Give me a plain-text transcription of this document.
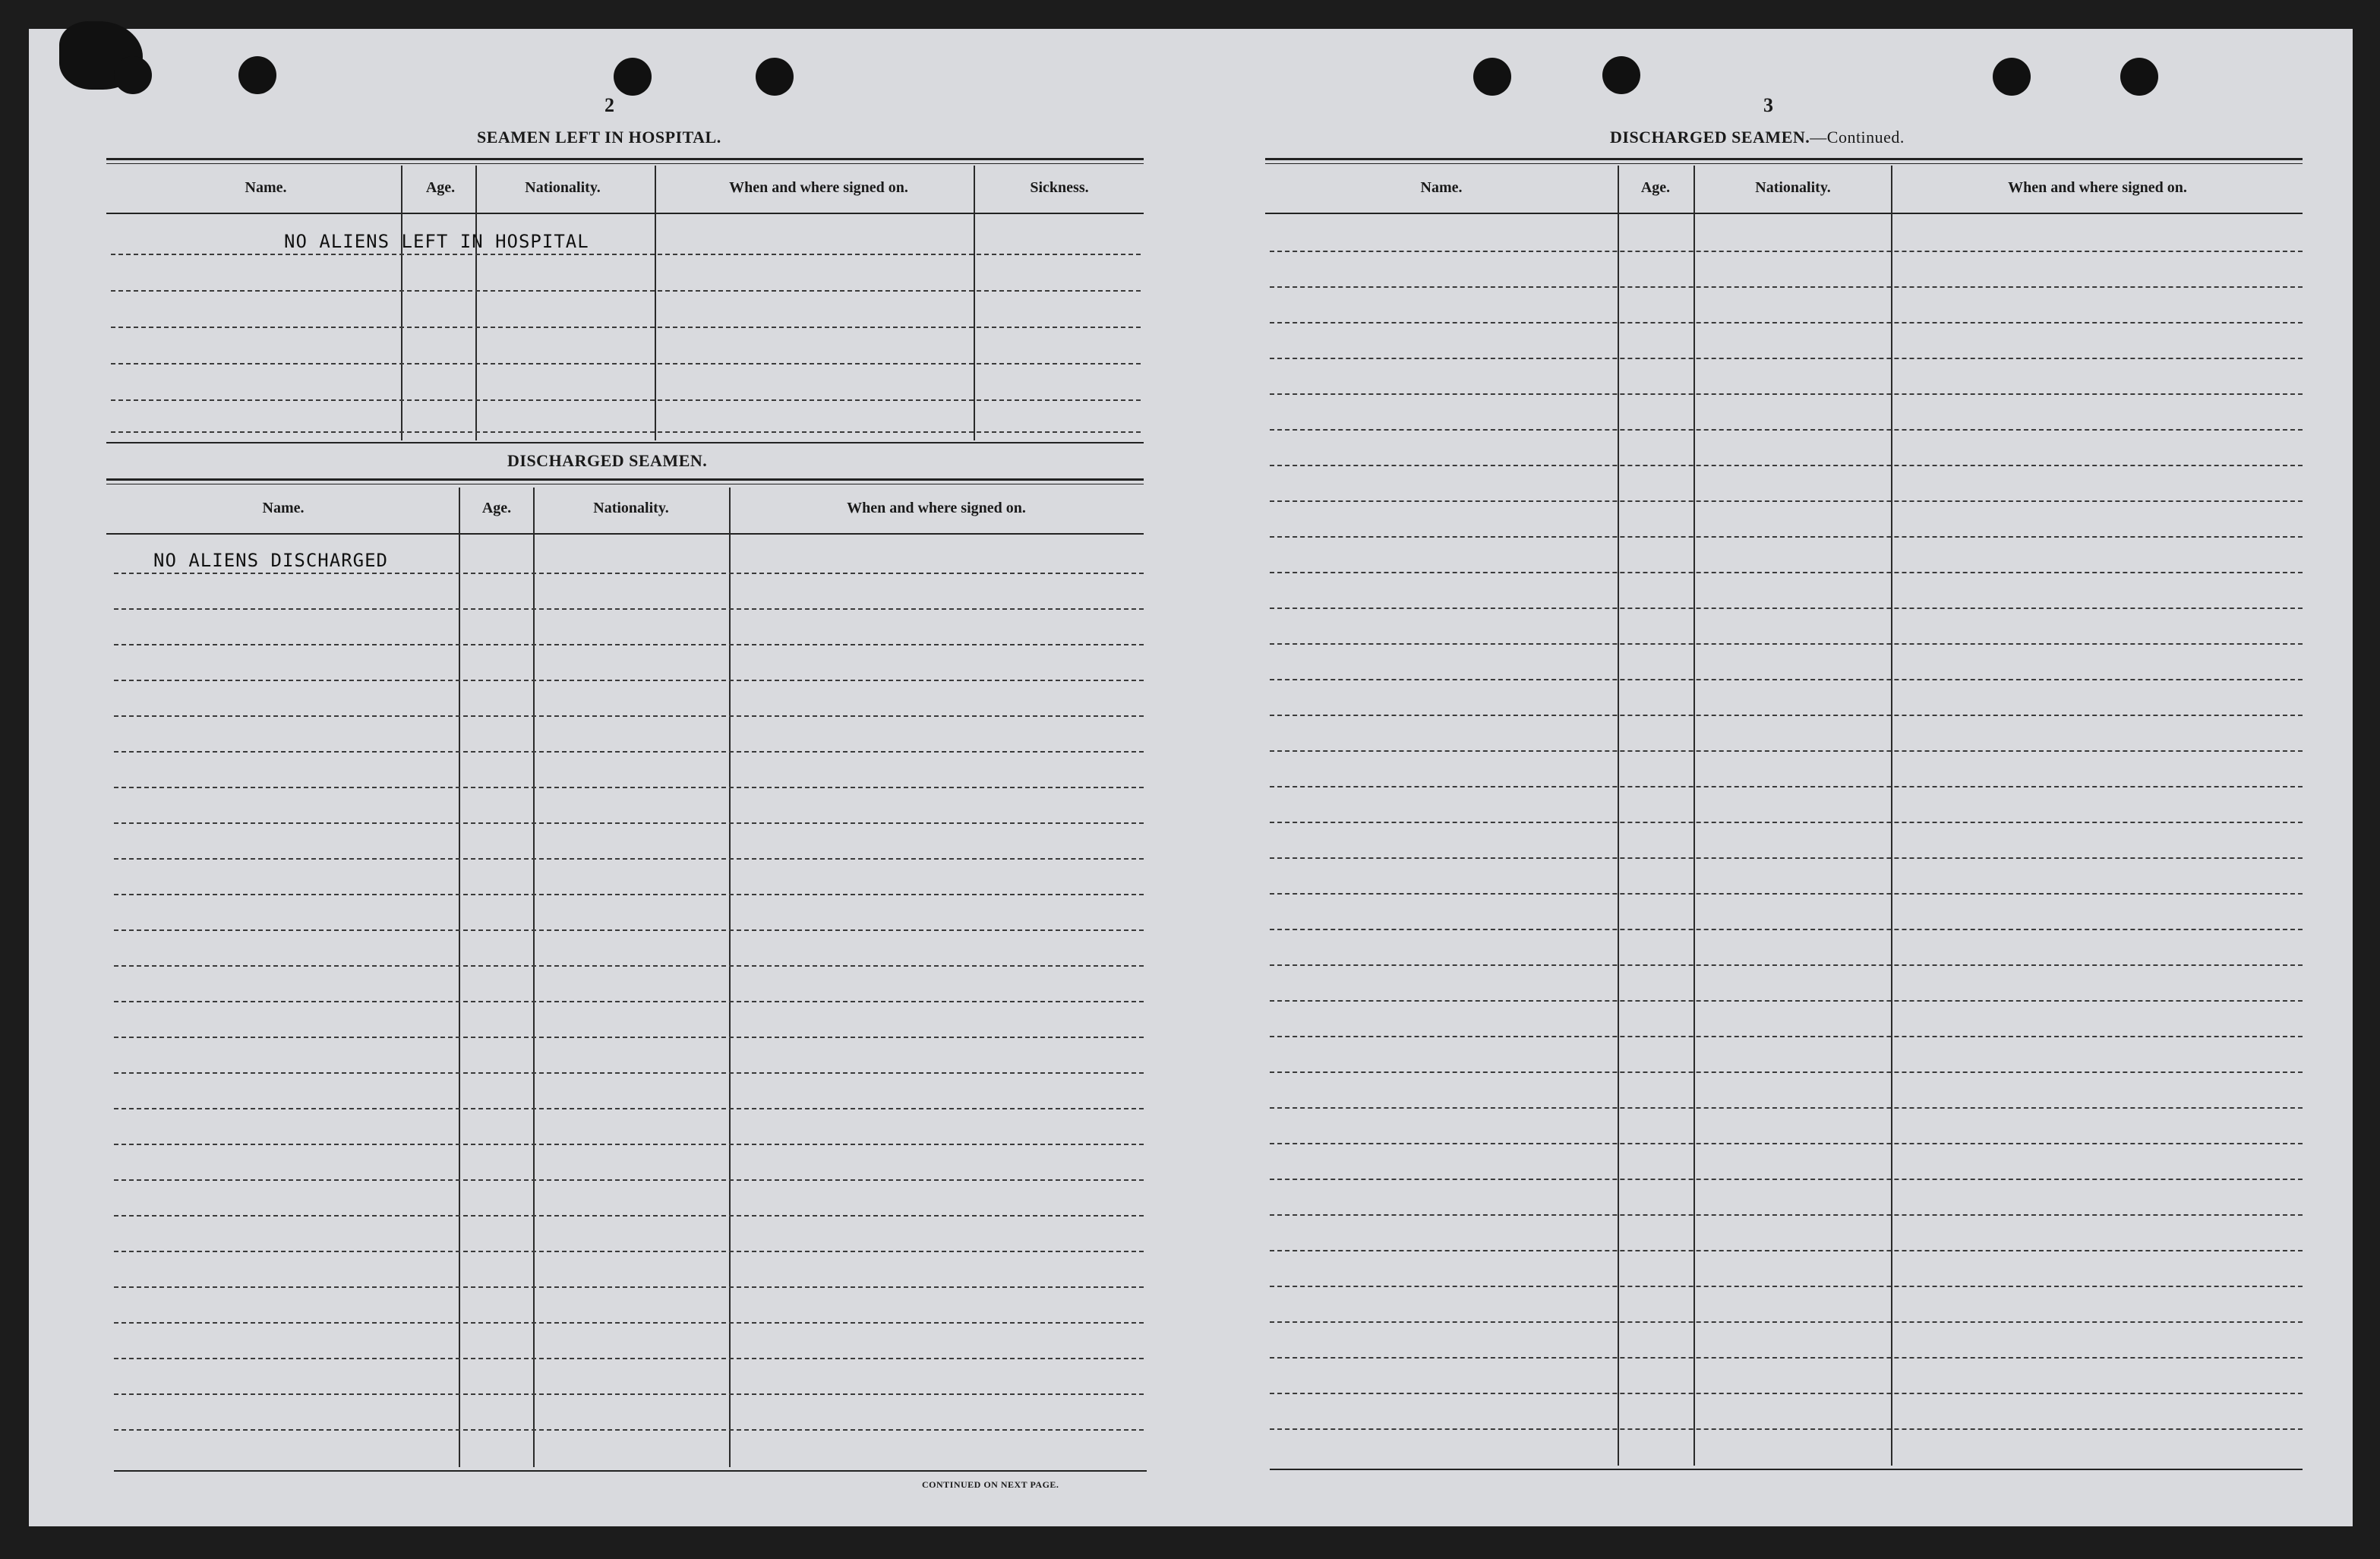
2
SEAMEN LEFT IN HOSPITAL.
Name.	Age.	Nationality.	When and where signed on.	Sickness.
NO ALIENS LEFT IN HOSPITAL
DISCHARGED SEAMEN.
Name.	Age.	Nationality.	When and where signed on.
NO ALIENS DISCHARGED
CONTINUED ON NEXT PAGE.
3
DISCHARGED SEAMEN.—Continued.
Name.	Age.	Nationality.	When and where signed on.
